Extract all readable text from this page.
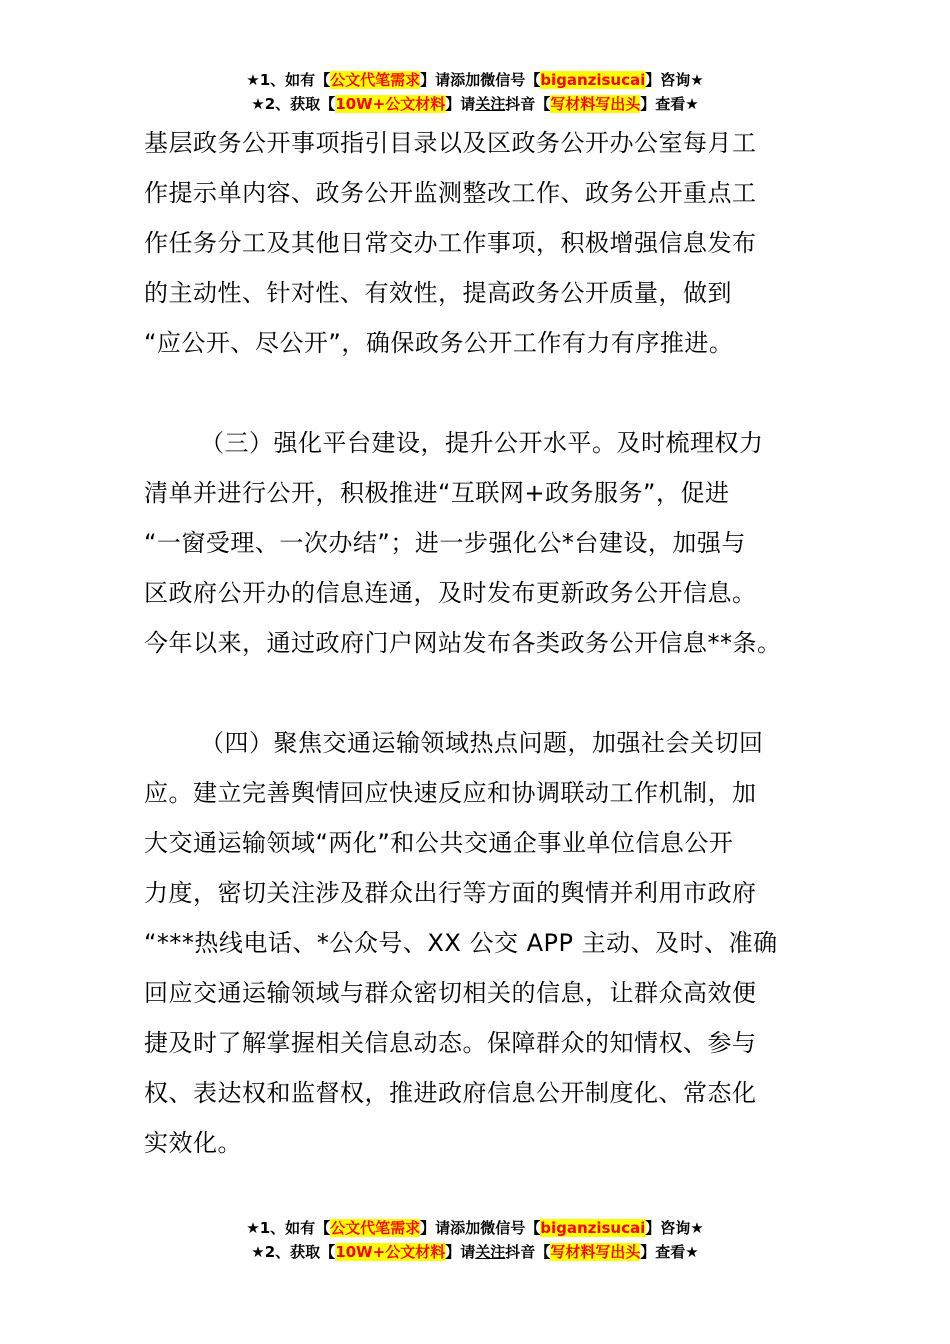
★1、如有【公文代笔需求】请添加微信号【biganzisucai】咨询★
★2、获取【10W+公文材料】请关注抖音【写材料写出头】查看★
基层政务公开事项指引目录以及区政务公开办公室每月工
作提示单内容、政务公开监测整改工作、政务公开重点工
作任务分工及其他日常交办工作事项，积极增强信息发布
的主动性、针对性、有效性，提高政务公开质量，做到
“应公开、尽公开”，确保政务公开工作有力有序推进。
（三）强化平台建设，提升公开水平。及时梳理权力
清单并进行公开，积极推进“互联网+政务服务”，促进
“一窗受理、一次办结”；进一步强化公*台建设，加强与
区政府公开办的信息连通，及时发布更新政务公开信息。
今年以来，通过政府门户网站发布各类政务公开信息**条。
（四）聚焦交通运输领域热点问题，加强社会关切回
应。建立完善舆情回应快速反应和协调联动工作机制，加
大交通运输领域“两化”和公共交通企事业单位信息公开
力度，密切关注涉及群众出行等方面的舆情并利用市政府
“***热线电话、*公众号、XX 公交 APP 主动、及时、准确
回应交通运输领域与群众密切相关的信息，让群众高效便
捷及时了解掌握相关信息动态。保障群众的知情权、参与
权、表达权和监督权，推进政府信息公开制度化、常态化
实效化。
★1、如有【公文代笔需求】请添加微信号【biganzisucai】咨询★
★2、获取【10W+公文材料】请关注抖音【写材料写出头】查看★
